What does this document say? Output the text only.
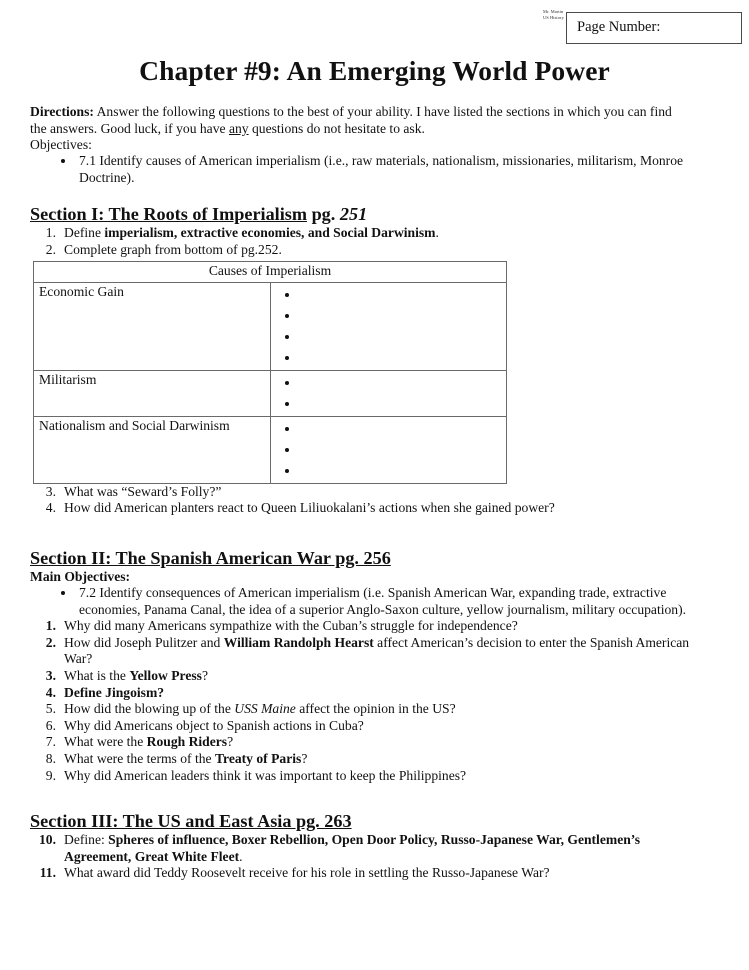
Mr. Martin
US History
Page Number:
Chapter #9: An Emerging World Power

Directions: Answer the following questions to the best of your ability. I have listed the sections in which you can find the answers. Good luck, if you have any questions do not hesitate to ask.

Objectives:
• 7.1 Identify causes of American imperialism (i.e., raw materials, nationalism, missionaries, militarism, Monroe Doctrine).
Section I: The Roots of Imperialism pg. 251
1. Define imperialism, extractive economies, and Social Darwinism.
2. Complete graph from bottom of pg.252.
Causes of Imperialism	
Economic Gain	
•
•
•
•

Militarism	
•
•

Nationalism and Social Darwinism	
•
•
•
3. What was “Seward’s Folly?”
4. How did American planters react to Queen Liliuokalani’s actions when she gained power?
Section II: The Spanish American War pg. 256
Main Objectives:
• 7.2 Identify consequences of American imperialism (i.e. Spanish American War, expanding trade, extractive economies, Panama Canal, the idea of a superior Anglo-Saxon culture, yellow journalism, military occupation).
1. Why did many Americans sympathize with the Cuban’s struggle for independence?
2. How did Joseph Pulitzer and William Randolph Hearst affect American’s decision to enter the Spanish American War?
3. What is the Yellow Press?
4. Define Jingoism?
5. How did the blowing up of the USS Maine affect the opinion in the US?
6. Why did Americans object to Spanish actions in Cuba?
7. What were the Rough Riders?
8. What were the terms of the Treaty of Paris?
9. Why did American leaders think it was important to keep the Philippines?
Section III: The US and East Asia pg. 263
10. Define: Spheres of influence, Boxer Rebellion, Open Door Policy, Russo-Japanese War, Gentlemen’s Agreement, Great White Fleet.
11. What award did Teddy Roosevelt receive for his role in settling the Russo-Japanese War?
